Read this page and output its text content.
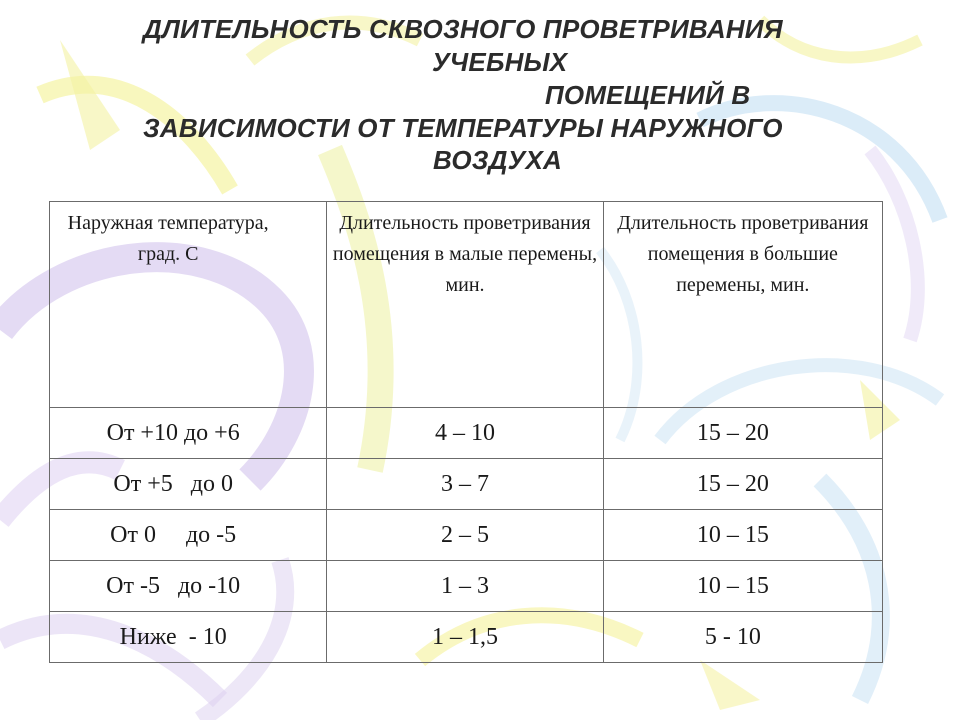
ДЛИТЕЛЬНОСТЬ СКВОЗНОГО ПРОВЕТРИВАНИЯ

УЧЕБНЫХ

ПОМЕЩЕНИЙ В

ЗАВИСИМОСТИ ОТ ТЕМПЕРАТУРЫ НАРУЖНОГО

ВОЗДУХА

Наружная температура, град. С	Длительность проветривания помещения в малые перемены, мин.	Длительность проветривания помещения в большие перемены, мин.

От +10 до +6	4 – 10	15 – 20
От +5   до 0	3 – 7	15 – 20
От 0     до -5	2 – 5	10 – 15
От -5   до -10	1 – 3	10 – 15
Ниже  - 10	1 – 1,5	5 - 10
